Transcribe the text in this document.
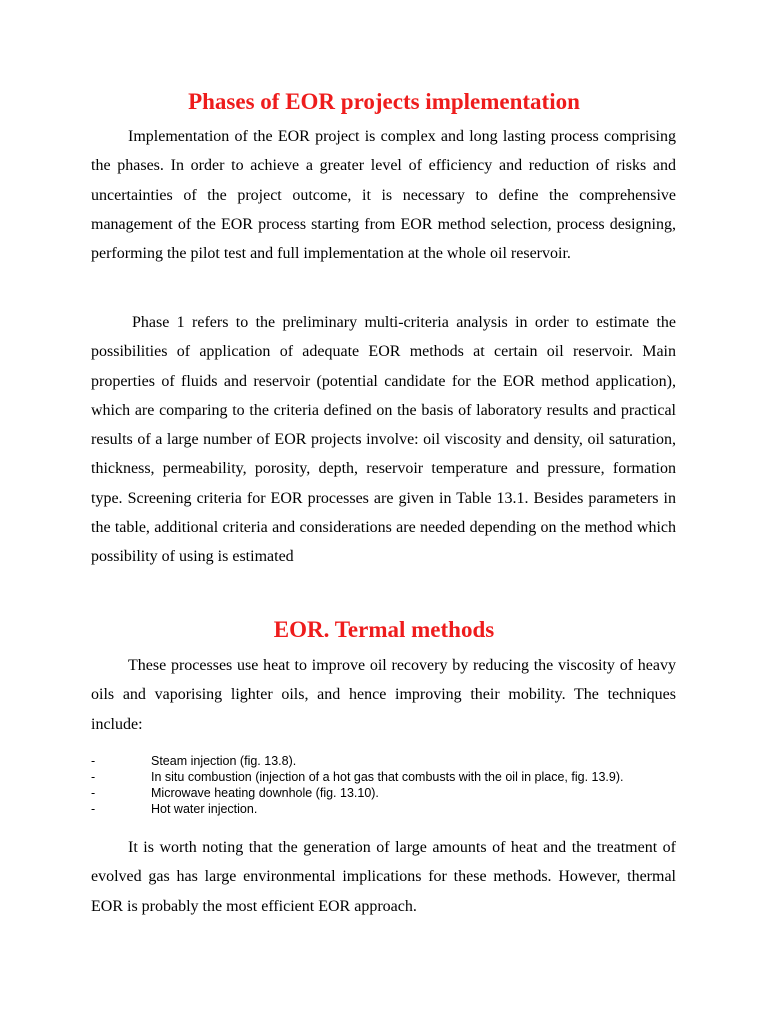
Phases of EOR projects implementation

Implementation of the EOR project is complex and long lasting process comprising the phases. In order to achieve a greater level of efficiency and reduction of risks and uncertainties of the project outcome, it is necessary to define the comprehensive management of the EOR process starting from EOR method selection, process designing, performing the pilot test and full implementation at the whole oil reservoir.

Phase 1 refers to the preliminary multi-criteria analysis in order to estimate the possibilities of application of adequate EOR methods at certain oil reservoir. Main properties of fluids and reservoir (potential candidate for the EOR method application), which are comparing to the criteria defined on the basis of laboratory results and practical results of a large number of EOR projects involve: oil viscosity and density, oil saturation, thickness, permeability, porosity, depth, reservoir temperature and pressure, formation type. Screening criteria for EOR processes are given in Table 13.1. Besides parameters in the table, additional criteria and considerations are needed depending on the method which possibility of using is estimated

EOR. Termal methods

These processes use heat to improve oil recovery by reducing the viscosity of heavy oils and vaporising lighter oils, and hence improving their mobility. The techniques include:

-	Steam injection (fig. 13.8).
-	In situ combustion (injection of a hot gas that combusts with the oil in place, fig. 13.9).
-	Microwave heating downhole (fig. 13.10).
-	Hot water injection.

It is worth noting that the generation of large amounts of heat and the treatment of evolved gas has large environmental implications for these methods. However, thermal EOR is probably the most efficient EOR approach.
